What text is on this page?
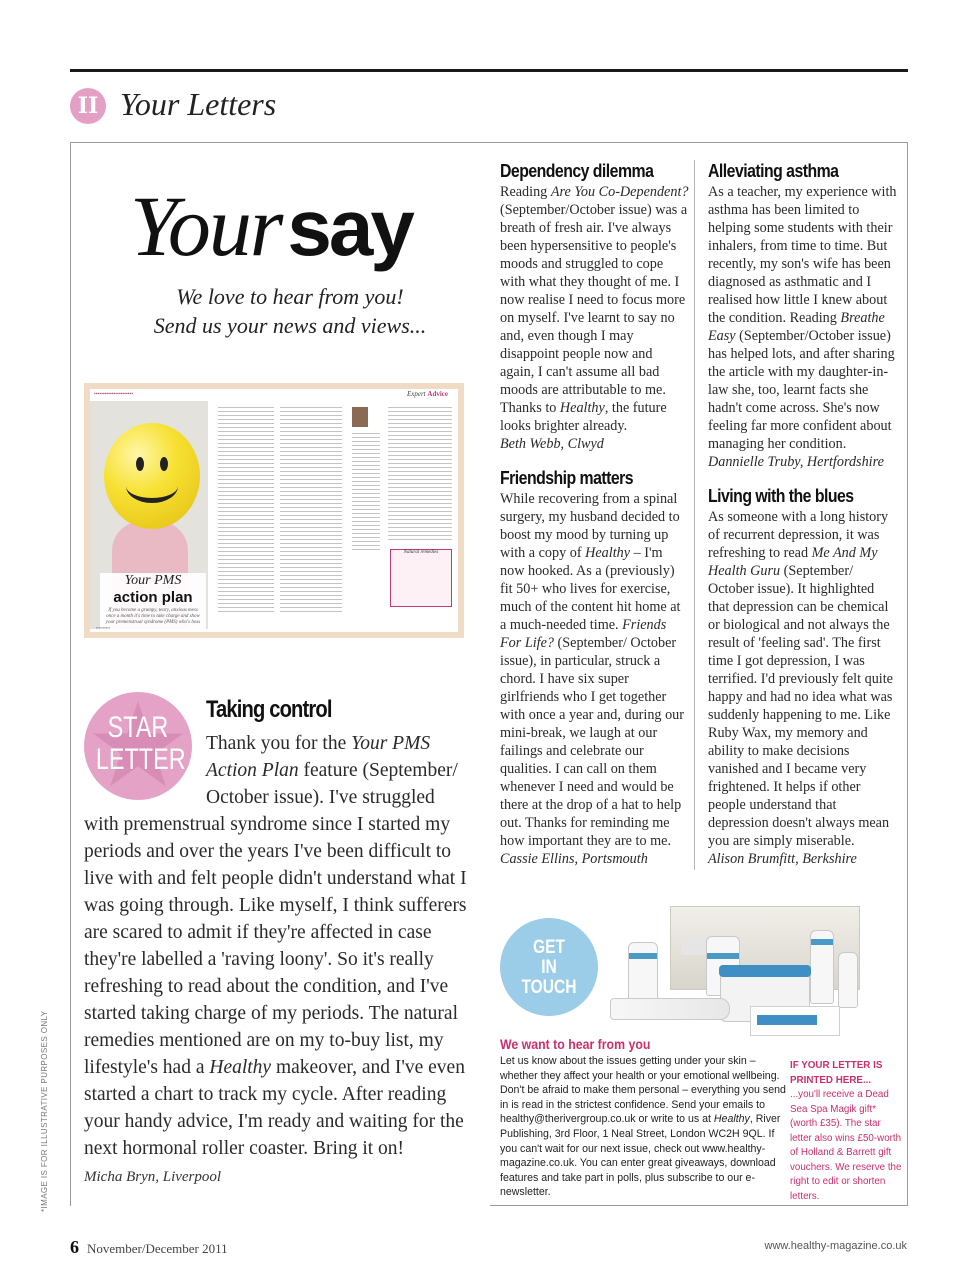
II Your Letters
Yoursay
We love to hear from you!
Send us your news and views...
▪▪▪▪▪▪▪▪▪▪▪▪▪▪▪▪▪▪▪▪▪▪	Expert Advice
Your PMS
action plan
If you become a grumpy, teary, anxious mess once a month it's time to take charge and show your premenstrual syndrome (PMS) who's boss
Natural remedies
▪▪▪▪▪▪▪▪▪▪
STAR
LETTER
Taking control
Thank you for the Your PMS Action Plan feature (September/ October issue). I've struggled
with premenstrual syndrome since I started my periods and over the years I've been difficult to live with and felt people didn't understand what I was going through. Like myself, I think sufferers are scared to admit if they're affected in case they're labelled a 'raving loony'. So it's really refreshing to read about the condition, and I've started taking charge of my periods. The natural remedies mentioned are on my to-buy list, my lifestyle's had a Healthy makeover, and I've even started a chart to track my cycle. After reading your handy advice, I'm ready and waiting for the next hormonal roller coaster. Bring it on!
Micha Bryn, Liverpool
Dependency dilemma
Reading Are You Co-Dependent? (September/October issue) was a breath of fresh air. I've always been hypersensitive to people's moods and struggled to cope with what they thought of me. I now realise I need to focus more on myself. I've learnt to say no and, even though I may disappoint people now and again, I can't assume all bad moods are attributable to me. Thanks to Healthy, the future looks brighter already.
Beth Webb, Clwyd
Friendship matters
While recovering from a spinal surgery, my husband decided to boost my mood by turning up with a copy of Healthy – I'm now hooked. As a (previously) fit 50+ who lives for exercise, much of the content hit home at a much-needed time. Friends For Life? (September/ October issue), in particular, struck a chord. I have six super girlfriends who I get together with once a year and, during our mini-break, we laugh at our failings and celebrate our qualities. I can call on them whenever I need and would be there at the drop of a hat to help out. Thanks for reminding me how important they are to me.
Cassie Ellins, Portsmouth
Alleviating asthma
As a teacher, my experience with asthma has been limited to helping some students with their inhalers, from time to time. But recently, my son's wife has been diagnosed as asthmatic and I realised how little I knew about the condition. Reading Breathe Easy (September/October issue) has helped lots, and after sharing the article with my daughter-in-law she, too, learnt facts she hadn't come across. She's now feeling far more confident about managing her condition.
Dannielle Truby, Hertfordshire
Living with the blues
As someone with a long history of recurrent depression, it was refreshing to read Me And My Health Guru (September/ October issue). It highlighted that depression can be chemical or biological and not always the result of 'feeling sad'. The first time I got depression, I was terrified. I'd previously felt quite happy and had no idea what was suddenly happening to me. Like Ruby Wax, my memory and ability to make decisions vanished and I became very frightened. It helps if other people understand that depression doesn't always mean you are simply miserable.
Alison Brumfitt, Berkshire
GET
IN
TOUCH
We want to hear from you
Let us know about the issues getting under your skin – whether they affect your health or your emotional wellbeing. Don't be afraid to make them personal – everything you send in is read in the strictest confidence. Send your emails to healthy@therivergroup.co.uk or write to us at Healthy, River Publishing, 3rd Floor, 1 Neal Street, London WC2H 9QL. If you can't wait for our next issue, check out www.healthy-magazine.co.uk. You can enter great giveaways, download features and take part in polls, plus subscribe to our e-newsletter.
IF YOUR LETTER IS PRINTED HERE...
...you'll receive a Dead Sea Spa Magik gift* (worth £35). The star letter also wins £50-worth of Holland & Barrett gift vouchers. We reserve the right to edit or shorten letters.
*IMAGE IS FOR ILLUSTRATIVE PURPOSES ONLY
6 November/December 2011	www.healthy-magazine.co.uk
